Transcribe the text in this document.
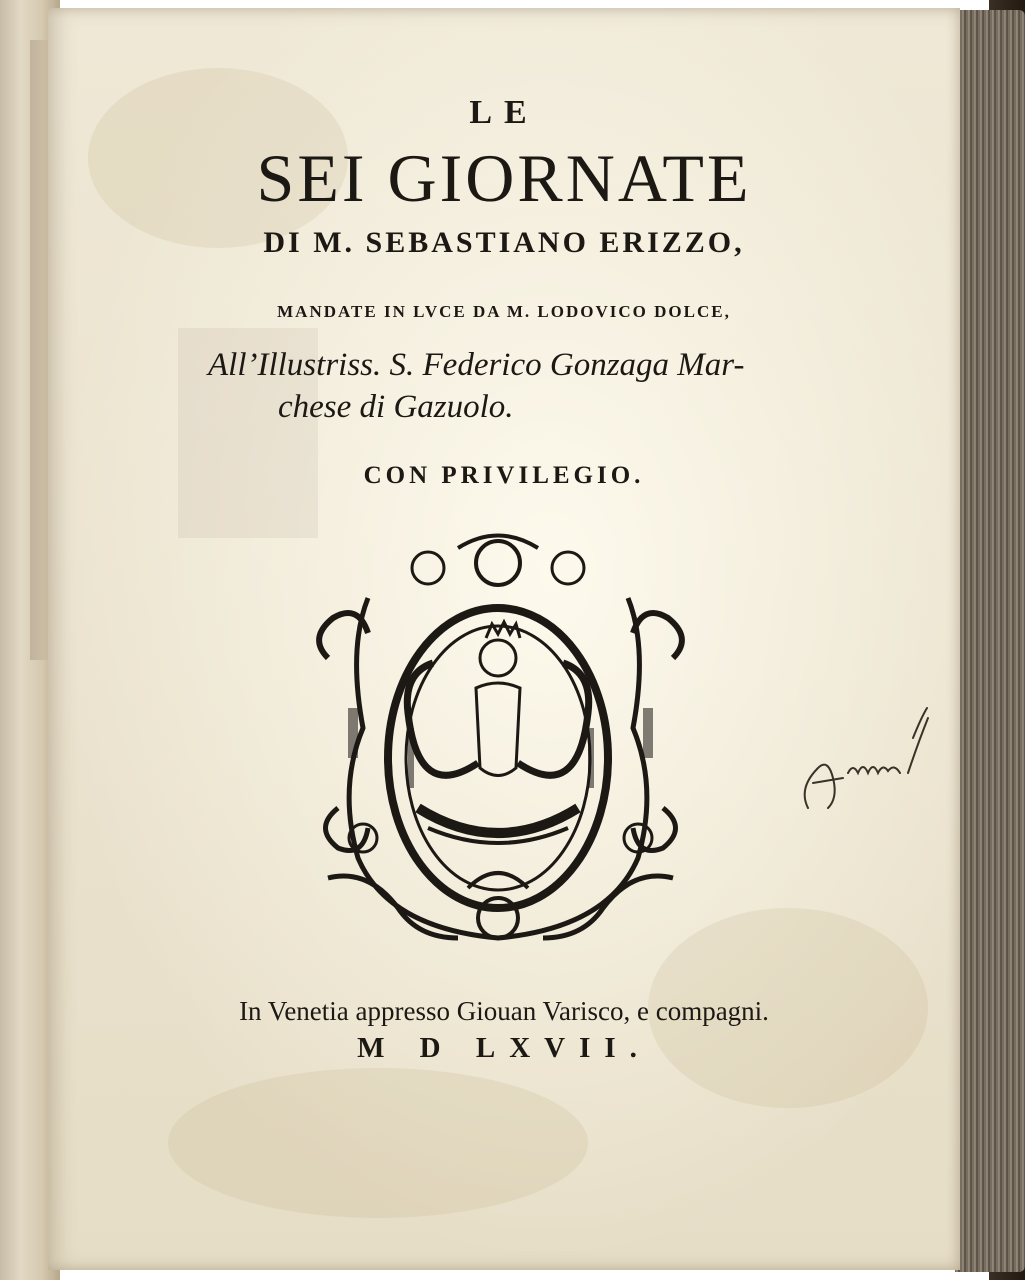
LE
SEI GIORNATE
DI M. SEBASTIANO ERIZZO,
MANDATE IN LVCE DA M. LODOVICO DOLCE,
All’Illustriss. S. Federico Gonzaga Mar-
chese di Gazuolo.
CON PRIVILEGIO.
In Venetia appresso Giouan Varisco, e compagni.
M D LXVII.
